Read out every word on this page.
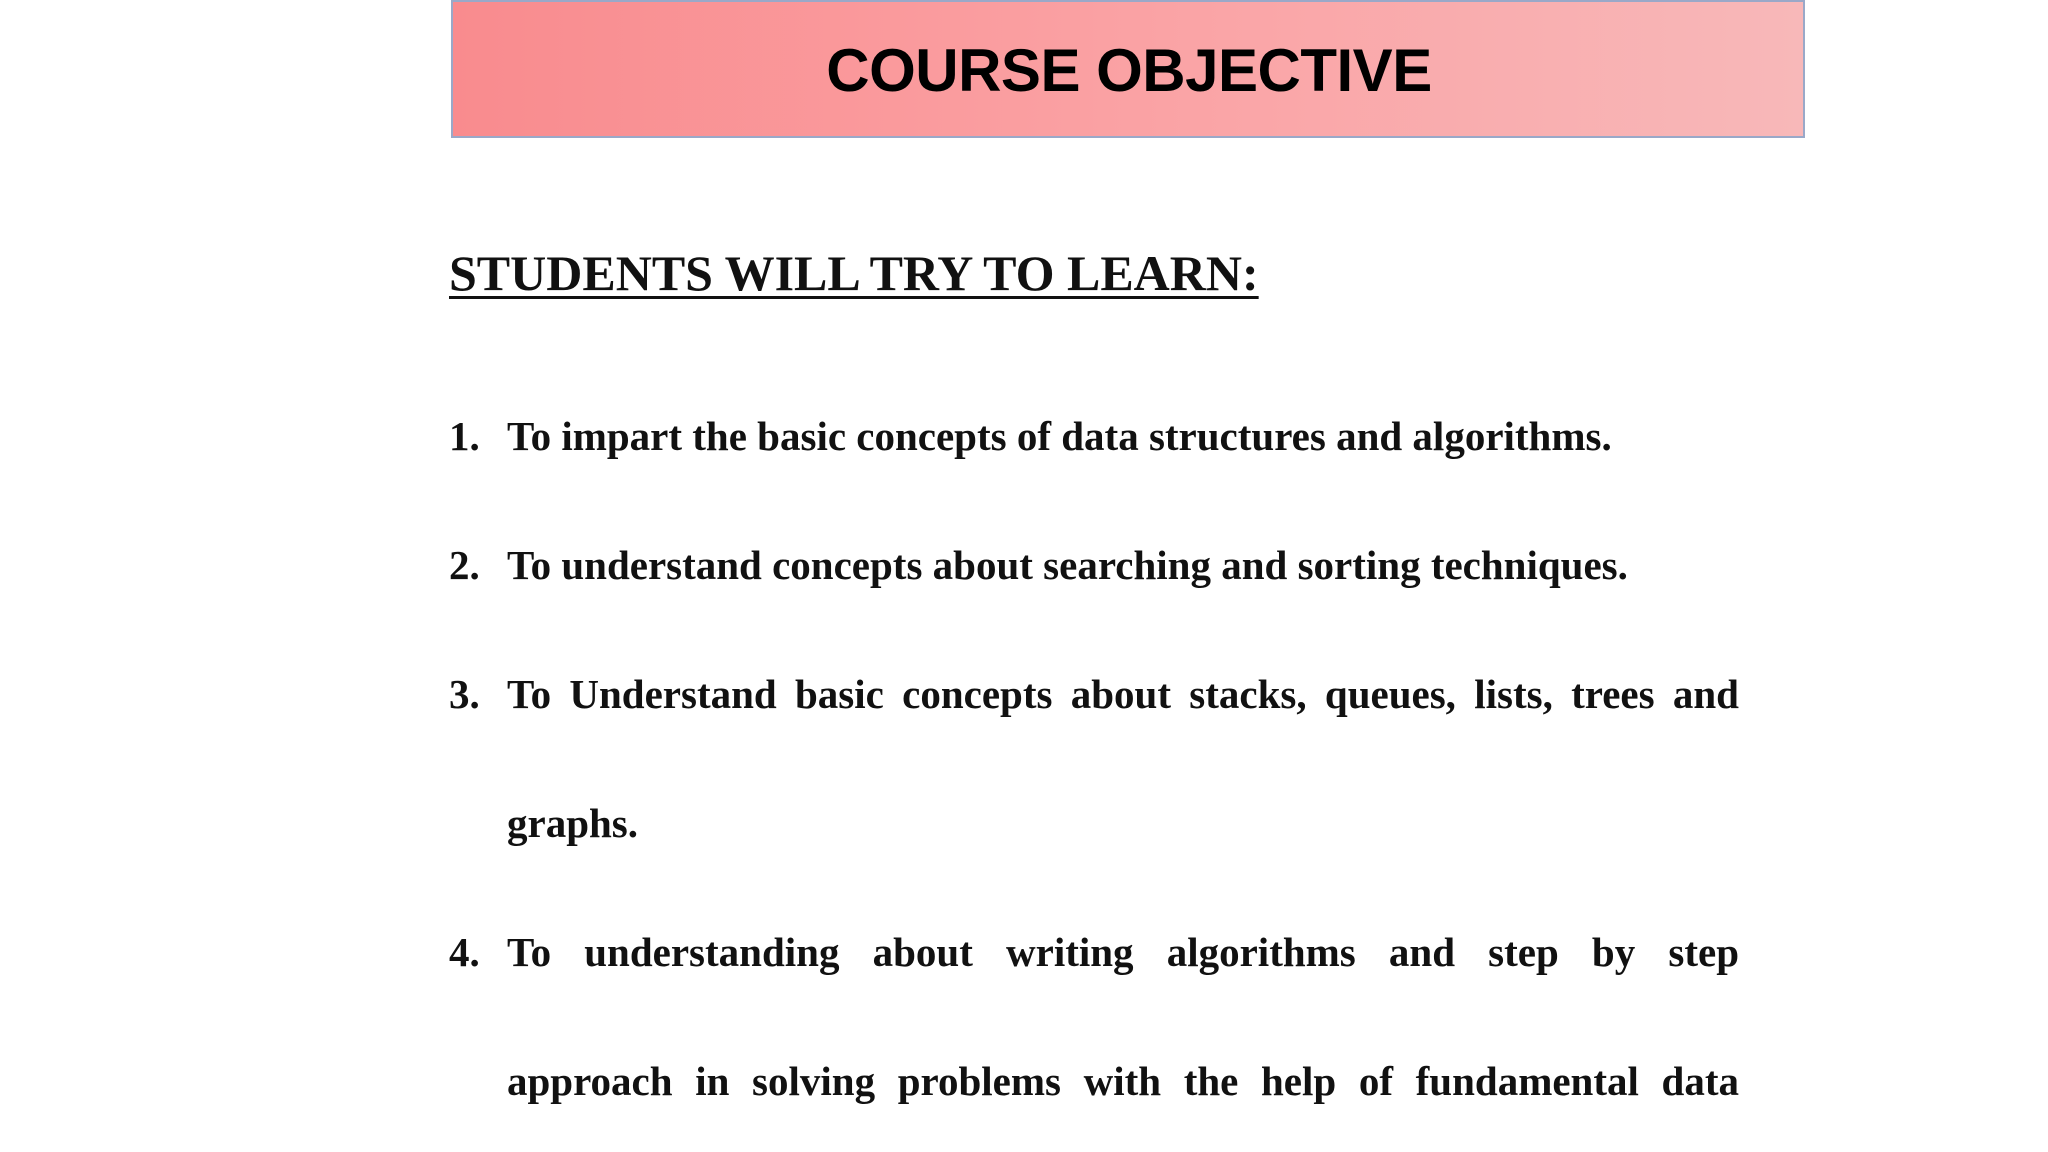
COURSE OBJECTIVE
STUDENTS WILL TRY TO LEARN:
1. To impart the basic concepts of data structures and algorithms.
2. To understand concepts about searching and sorting techniques.
3. To Understand basic concepts about stacks, queues, lists, trees and
graphs.
4. To understanding about writing algorithms and step by step
approach in solving problems with the help of fundamental data
